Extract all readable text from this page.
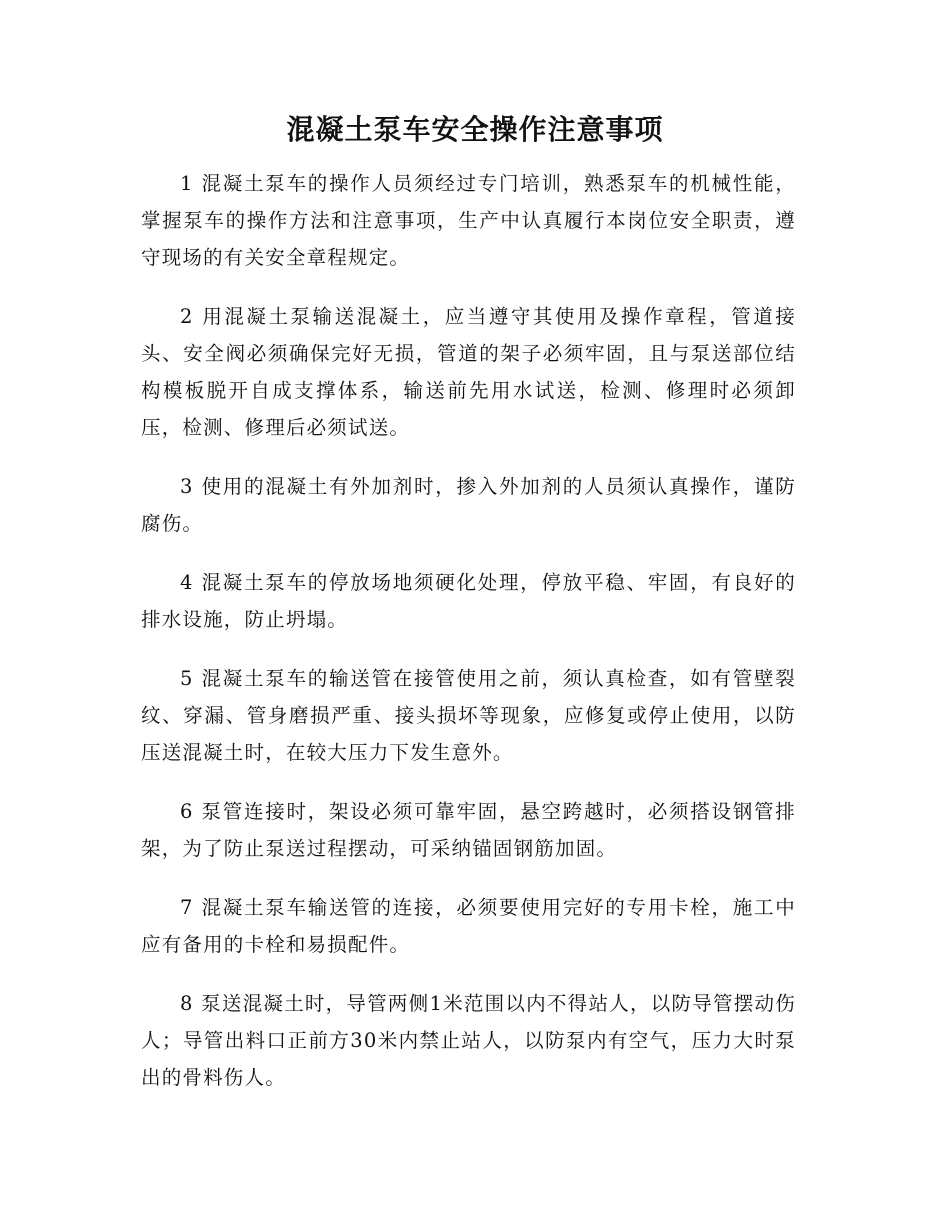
混凝土泵车安全操作注意事项

1 混凝土泵车的操作人员须经过专门培训，熟悉泵车的机械性能，掌握泵车的操作方法和注意事项，生产中认真履行本岗位安全职责，遵守现场的有关安全章程规定。

2 用混凝土泵输送混凝土，应当遵守其使用及操作章程，管道接头、安全阀必须确保完好无损，管道的架子必须牢固，且与泵送部位结构模板脱开自成支撑体系，输送前先用水试送，检测、修理时必须卸压，检测、修理后必须试送。

3 使用的混凝土有外加剂时，掺入外加剂的人员须认真操作，谨防腐伤。

4 混凝土泵车的停放场地须硬化处理，停放平稳、牢固，有良好的排水设施，防止坍塌。

5 混凝土泵车的输送管在接管使用之前，须认真检查，如有管壁裂纹、穿漏、管身磨损严重、接头损坏等现象，应修复或停止使用，以防压送混凝土时，在较大压力下发生意外。

6 泵管连接时，架设必须可靠牢固，悬空跨越时，必须搭设钢管排架，为了防止泵送过程摆动，可采纳锚固钢筋加固。

7 混凝土泵车输送管的连接，必须要使用完好的专用卡栓，施工中应有备用的卡栓和易损配件。

8 泵送混凝土时，导管两侧1米范围以内不得站人，以防导管摆动伤人；导管出料口正前方30米内禁止站人，以防泵内有空气，压力大时泵出的骨料伤人。
